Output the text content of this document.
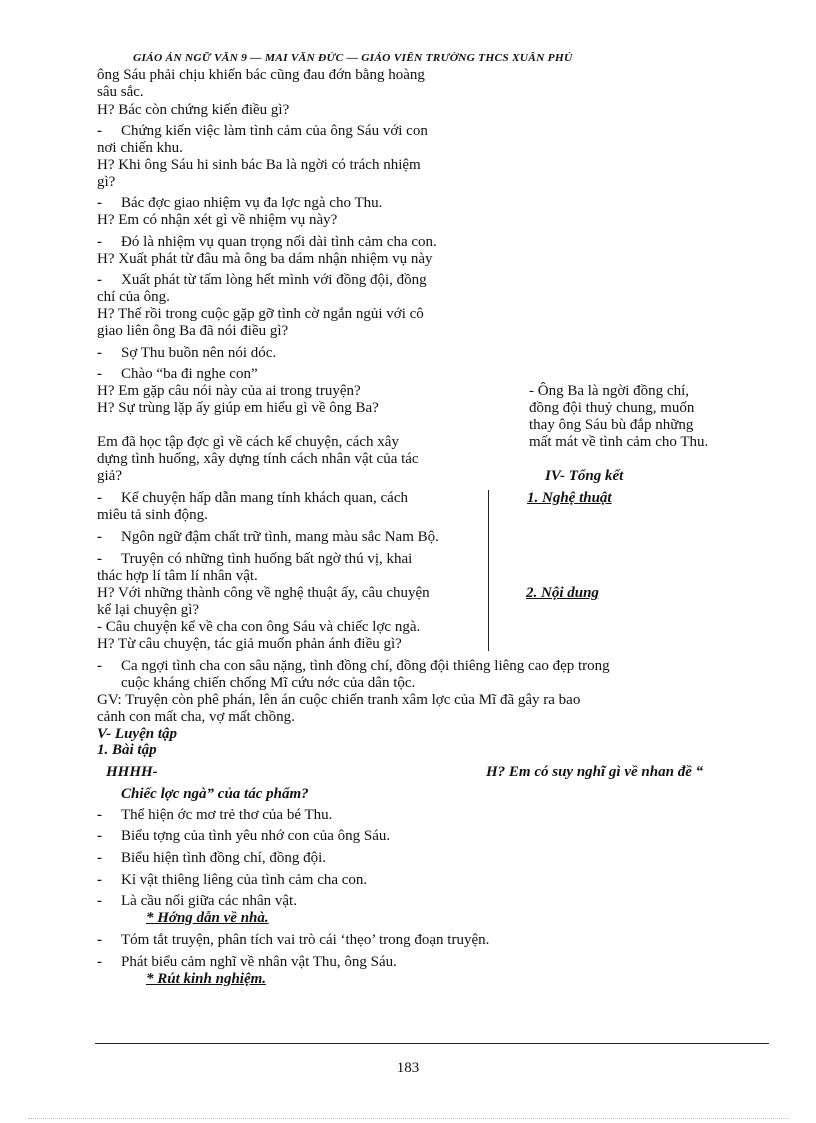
GIÁO ÁN NGỮ VĂN 9 — MAI VĂN ĐỨC — GIÁO VIÊN TRƯỜNG THCS XUÂN PHÚ
ông Sáu phải chịu khiến bác cũng đau đớn bằng hoàng
sâu sắc.
H? Bác còn chứng kiến điều gì?
- Chứng kiến việc làm tình cảm của ông Sáu với con
nơi chiến khu.
H? Khi ông Sáu hi sinh bác Ba là ngời có trách nhiệm
gì?
- Bác đợc giao nhiệm vụ đa lợc ngà cho Thu.
H? Em có nhận xét gì về nhiệm vụ này?
- Đó là nhiệm vụ quan trọng nối dài tình cảm cha con.
H? Xuất phát từ đâu mà ông ba dám nhận nhiệm vụ này
- Xuất phát từ tấm lòng hết mình với đồng đội, đồng
chí của ông.
H? Thế rồi trong cuộc gặp gỡ tình cờ ngắn ngủi với cô
giao liên ông Ba đã nói điều gì?
- Sợ Thu buồn nên nói dóc.
- Chào “ba đi nghe con”
H? Em gặp câu nói này của ai trong truyện?
H? Sự trùng lặp ấy giúp em hiểu gì về ông Ba?
Em đã học tập đợc gì về cách kể chuyện, cách xây
dựng tình huống, xây dựng tính cách nhân vật của tác
giả?
- Kể chuyện hấp dẫn mang tính khách quan, cách
miêu tả sinh động.
- Ngôn ngữ đậm chất trữ tình, mang màu sắc Nam Bộ.
- Truyện có những tình huống bất ngờ thú vị, khai
thác hợp lí tâm lí nhân vật.
H? Với những thành công về nghệ thuật ấy, câu chuyện
kể lại chuyện gì?
- Câu chuyện kể về cha con ông Sáu và chiếc lợc ngà.
H? Từ câu chuyện, tác giả muốn phản ánh điều gì?
- Ông Ba là ngời đồng chí,
đồng đội thuỷ chung, muốn
thay ông Sáu bù đắp những
mất mát về tình cảm cho Thu.
IV- Tổng kết
1. Nghệ thuật
2. Nội dung
- Ca ngợi tình cha con sâu nặng, tình đồng chí, đồng đội thiêng liêng cao đẹp trong
cuộc kháng chiến chống Mĩ cứu nớc của dân tộc.
GV: Truyện còn phê phán, lên án cuộc chiến tranh xâm lợc của Mĩ đã gây ra bao
cảnh con mất cha, vợ mất chồng.
V- Luyện tập
1. Bài tập
HHHH-	H? Em có suy nghĩ gì về nhan đề “
Chiếc lợc ngà” của tác phẩm?
- Thể hiện ớc mơ trẻ thơ của bé Thu.
- Biểu tợng của tình yêu nhớ con của ông Sáu.
- Biểu hiện tình đồng chí, đồng đội.
- Kỉ vật thiêng liêng của tình cảm cha con.
- Là cầu nối giữa các nhân vật.
* Hớng dẫn về nhà.
- Tóm tắt truyện, phân tích vai trò cái ‘thẹo’ trong đoạn truyện.
- Phát biểu cảm nghĩ về nhân vật Thu, ông Sáu.
* Rút kinh nghiệm.
183
